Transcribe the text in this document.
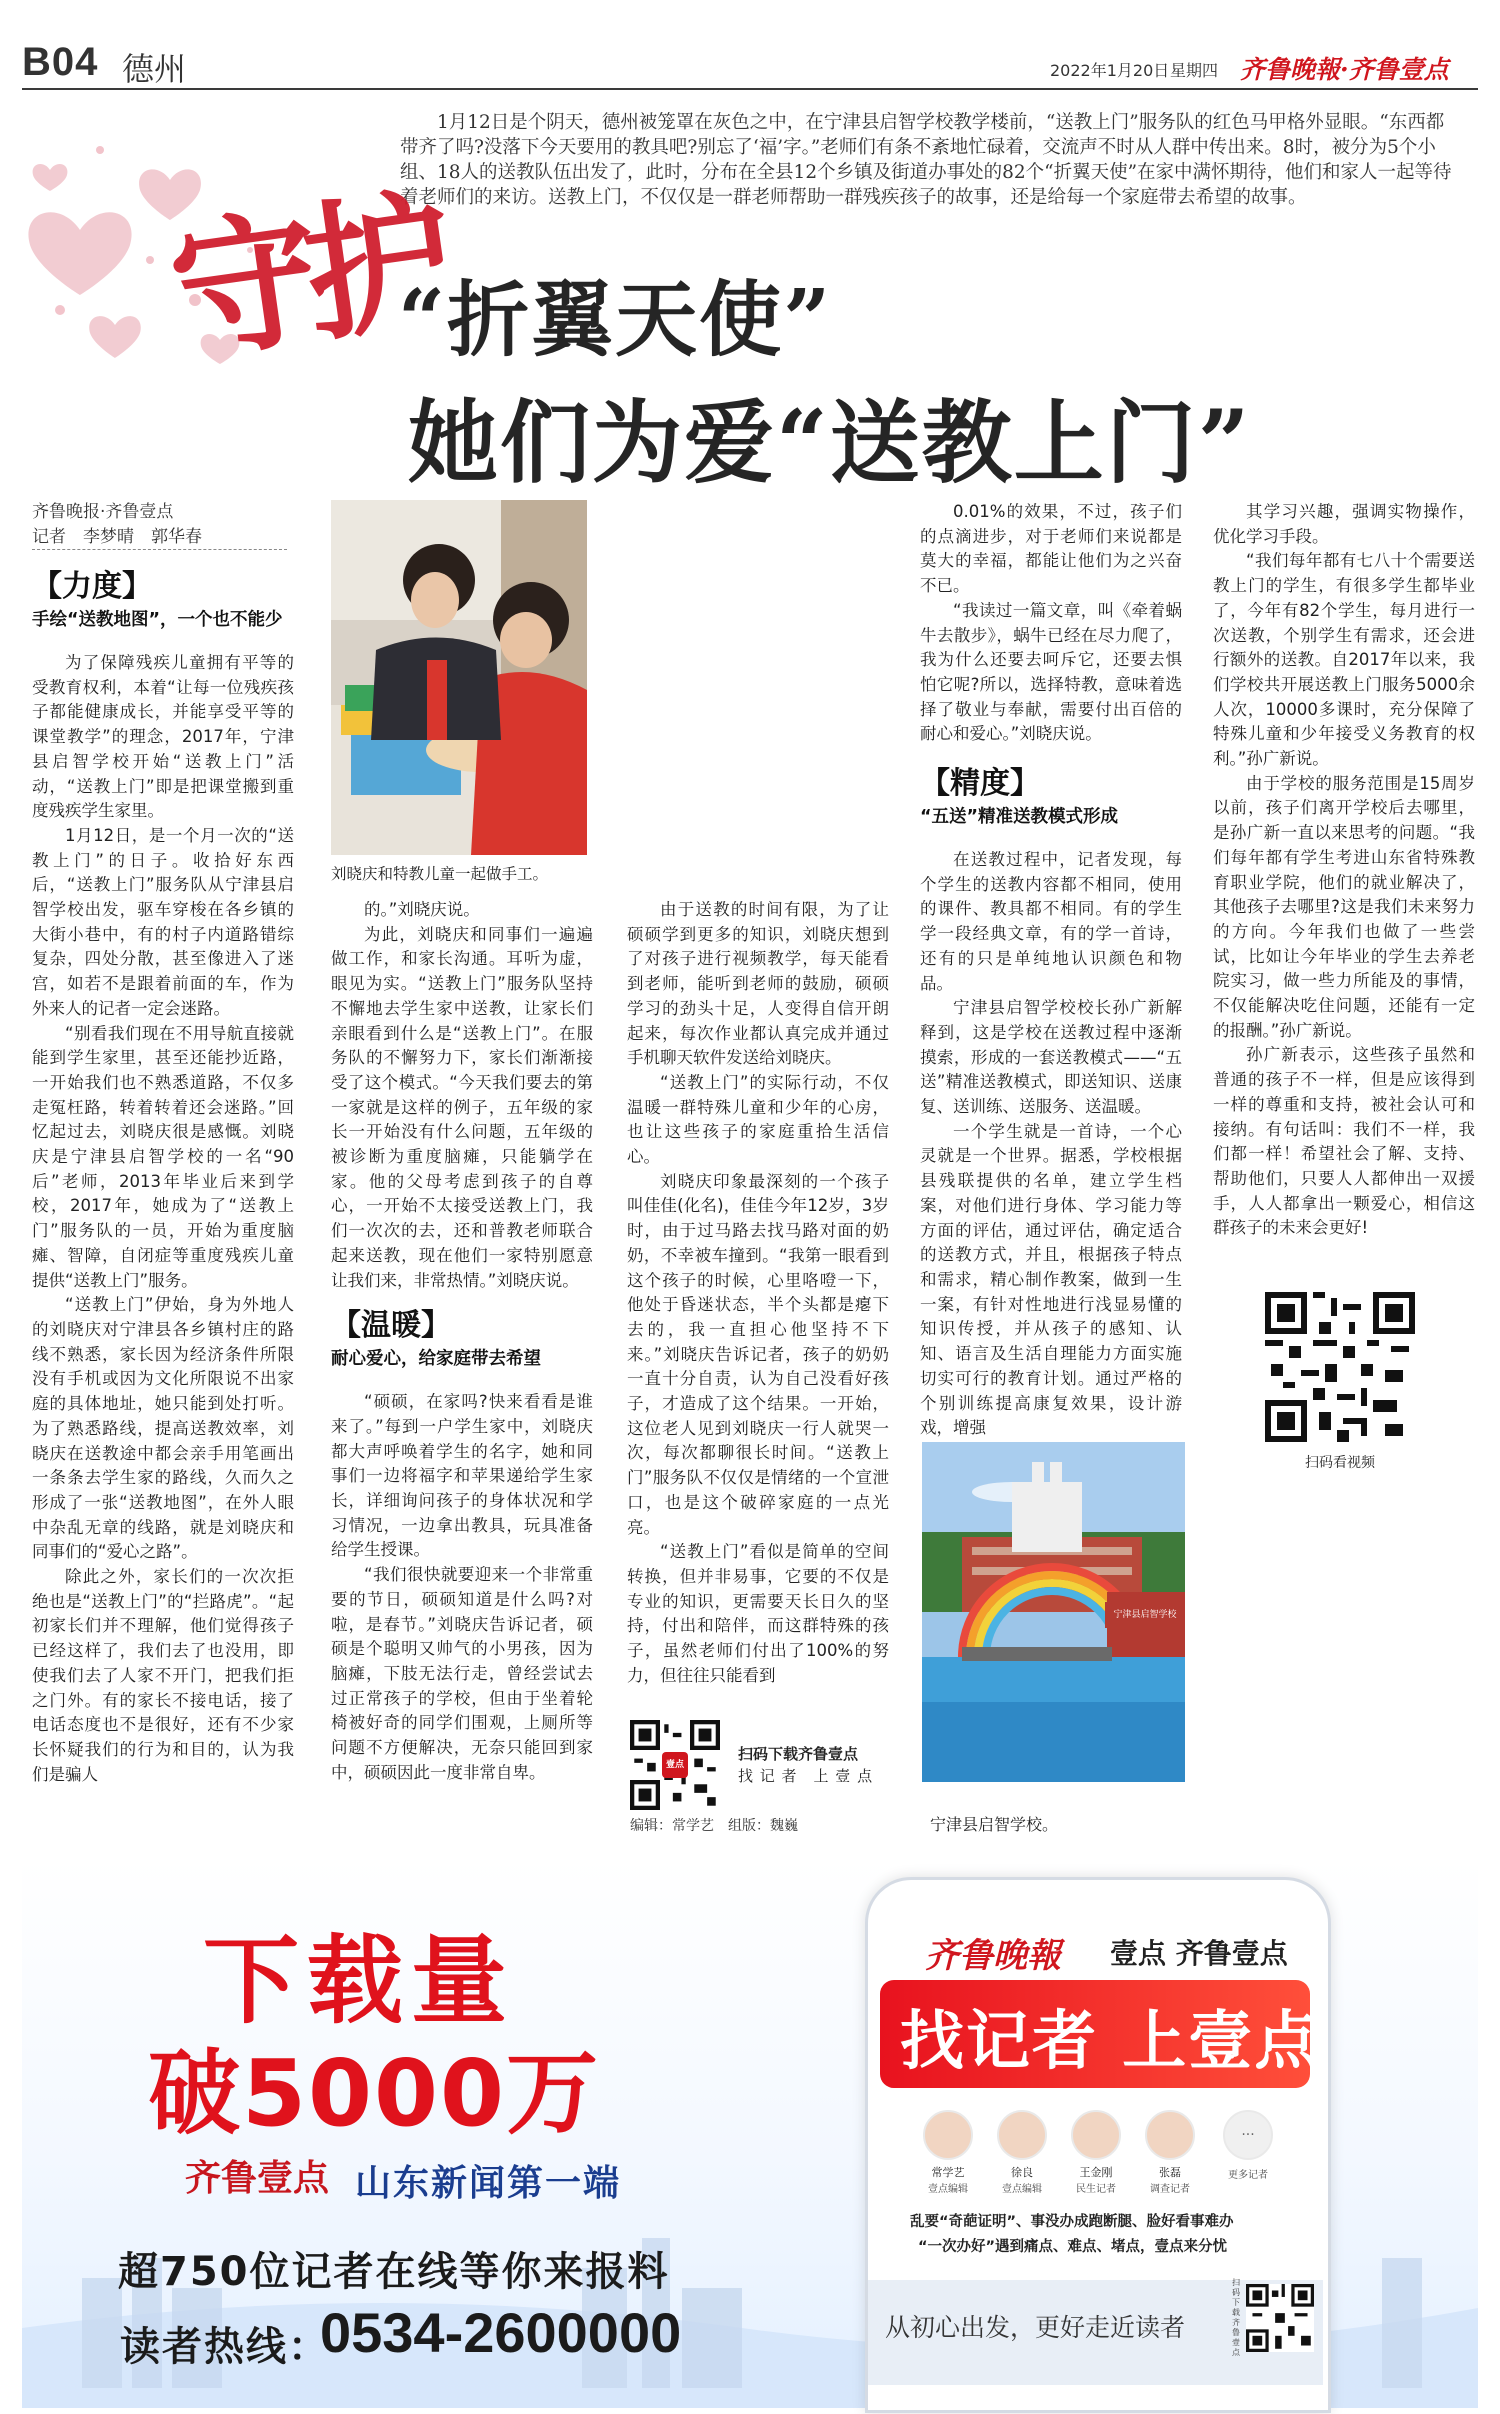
B04 德州	2022年1月20日 星期四 齐鲁晚報·齐鲁壹点

1月12日是个阴天，德州被笼罩在灰色之中，在宁津县启智学校教学楼前，“送教上门”服务队的红色马甲格外显眼。“东西都带齐了吗?没落下今天要用的教具吧?别忘了‘福’字。”老师们有条不紊地忙碌着，交流声不时从人群中传出来。8时，被分为5个小组、18人的送教队伍出发了，此时，分布在全县12个乡镇及街道办事处的82个“折翼天使”在家中满怀期待，他们和家人一起等待着老师们的来访。送教上门，不仅仅是一群老师帮助一群残疾孩子的故事，还是给每一个家庭带去希望的故事。

守护
“折翼天使”
她们为爱“送教上门”
齐鲁晚报·齐鲁壹点
记者　李梦晴　郭华春
【力度】
手绘“送教地图”，一个也不能少

为了保障残疾儿童拥有平等的受教育权利，本着“让每一位残疾孩子都能健康成长，并能享受平等的课堂教学”的理念，2017年，宁津县启智学校开始“送教上门”活动，“送教上门”即是把课堂搬到重度残疾学生家里。

1月12日，是一个月一次的“送教上门”的日子。收拾好东西后，“送教上门”服务队从宁津县启智学校出发，驱车穿梭在各乡镇的大街小巷中，有的村子内道路错综复杂，四处分散，甚至像进入了迷宫，如若不是跟着前面的车，作为外来人的记者一定会迷路。

“别看我们现在不用导航直接就能到学生家里，甚至还能抄近路，一开始我们也不熟悉道路，不仅多走冤枉路，转着转着还会迷路。”回忆起过去，刘晓庆很是感慨。刘晓庆是宁津县启智学校的一名“90后”老师，2013年毕业后来到学校，2017年，她成为了“送教上门”服务队的一员，开始为重度脑瘫、智障，自闭症等重度残疾儿童提供“送教上门”服务。

“送教上门”伊始，身为外地人的刘晓庆对宁津县各乡镇村庄的路线不熟悉，家长因为经济条件所限没有手机或因为文化所限说不出家庭的具体地址，她只能到处打听。为了熟悉路线，提高送教效率，刘晓庆在送教途中都会亲手用笔画出一条条去学生家的路线，久而久之形成了一张“送教地图”，在外人眼中杂乱无章的线路，就是刘晓庆和同事们的“爱心之路”。

除此之外，家长们的一次次拒绝也是“送教上门”的“拦路虎”。“起初家长们并不理解，他们觉得孩子已经这样了，我们去了也没用，即使我们去了人家不开门，把我们拒之门外。有的家长不接电话，接了电话态度也不是很好，还有不少家长怀疑我们的行为和目的，认为我们是骗人

刘晓庆和特教儿童一起做手工。

的。”刘晓庆说。

为此，刘晓庆和同事们一遍遍做工作，和家长沟通。耳听为虚，眼见为实。“送教上门”服务队坚持不懈地去学生家中送教，让家长们亲眼看到什么是“送教上门”。在服务队的不懈努力下，家长们渐渐接受了这个模式。“今天我们要去的第一家就是这样的例子，五年级的家长一开始没有什么问题，五年级的被诊断为重度脑瘫，只能躺学在家。他的父母考虑到孩子的自尊心，一开始不太接受送教上门，我们一次次的去，还和普教老师联合起来送教，现在他们一家特别愿意让我们来，非常热情。”刘晓庆说。

【温暖】
耐心爱心，给家庭带去希望

“硕硕，在家吗?快来看看是谁来了。”每到一户学生家中，刘晓庆都大声呼唤着学生的名字，她和同事们一边将福字和苹果递给学生家长，详细询问孩子的身体状况和学习情况，一边拿出教具，玩具准备给学生授课。

“我们很快就要迎来一个非常重要的节日，硕硕知道是什么吗?对啦，是春节。”刘晓庆告诉记者，硕硕是个聪明又帅气的小男孩，因为脑瘫，下肢无法行走，曾经尝试去过正常孩子的学校，但由于坐着轮椅被好奇的同学们围观，上厕所等问题不方便解决，无奈只能回到家中，硕硕因此一度非常自卑。

由于送教的时间有限，为了让硕硕学到更多的知识，刘晓庆想到了对孩子进行视频教学，每天能看到老师，能听到老师的鼓励，硕硕学习的劲头十足，人变得自信开朗起来，每次作业都认真完成并通过手机聊天软件发送给刘晓庆。

“送教上门”的实际行动，不仅温暖一群特殊儿童和少年的心房，也让这些孩子的家庭重拾生活信心。

刘晓庆印象最深刻的一个孩子叫佳佳(化名)，佳佳今年12岁，3岁时，由于过马路去找马路对面的奶奶，不幸被车撞到。“我第一眼看到这个孩子的时候，心里咯噔一下，他处于昏迷状态，半个头都是瘪下去的，我一直担心他坚持不下来。”刘晓庆告诉记者，孩子的奶奶一直十分自责，认为自己没看好孩子，才造成了这个结果。一开始，这位老人见到刘晓庆一行人就哭一次，每次都聊很长时间。“送教上门”服务队不仅仅是情绪的一个宣泄口，也是这个破碎家庭的一点光亮。

“送教上门”看似是简单的空间转换，但并非易事，它要的不仅是专业的知识，更需要天长日久的坚持，付出和陪伴，而这群特殊的孩子，虽然老师们付出了100%的努力，但往往只能看到

壹点
扫码下载齐鲁壹点
找 记 者　上 壹 点
编辑：常学艺　组版：魏巍

0.01%的效果，不过，孩子们的点滴进步，对于老师们来说都是莫大的幸福，都能让他们为之兴奋不已。

“我读过一篇文章，叫《牵着蜗牛去散步》，蜗牛已经在尽力爬了，我为什么还要去呵斥它，还要去惧怕它呢?所以，选择特教，意味着选择了敬业与奉献，需要付出百倍的耐心和爱心。”刘晓庆说。

【精度】
“五送”精准送教模式形成

在送教过程中，记者发现，每个学生的送教内容都不相同，使用的课件、教具都不相同。有的学生学一段经典文章，有的学一首诗，还有的只是单纯地认识颜色和物品。

宁津县启智学校校长孙广新解释到，这是学校在送教过程中逐渐摸索，形成的一套送教模式——“五送”精准送教模式，即送知识、送康复、送训练、送服务、送温暖。

一个学生就是一首诗，一个心灵就是一个世界。据悉，学校根据县残联提供的名单，建立学生档案，对他们进行身体、学习能力等方面的评估，通过评估，确定适合的送教方式，并且，根据孩子特点和需求，精心制作教案，做到一生一案，有针对性地进行浅显易懂的知识传授，并从孩子的感知、认知、语言及生活自理能力方面实施切实可行的教育计划。通过严格的个别训练提高康复效果，设计游戏，增强

其学习兴趣，强调实物操作，优化学习手段。

“我们每年都有七八十个需要送教上门的学生，有很多学生都毕业了，今年有82个学生，每月进行一次送教，个别学生有需求，还会进行额外的送教。自2017年以来，我们学校共开展送教上门服务5000余人次，10000多课时，充分保障了特殊儿童和少年接受义务教育的权利。”孙广新说。

由于学校的服务范围是15周岁以前，孩子们离开学校后去哪里，是孙广新一直以来思考的问题。“我们每年都有学生考进山东省特殊教育职业学院，他们的就业解决了，其他孩子去哪里?这是我们未来努力的方向。今年我们也做了一些尝试，比如让今年毕业的学生去养老院实习，做一些力所能及的事情，不仅能解决吃住问题，还能有一定的报酬。”孙广新说。

孙广新表示，这些孩子虽然和普通的孩子不一样，但是应该得到一样的尊重和支持，被社会认可和接纳。有句话叫：我们不一样，我们都一样！希望社会了解、支持、帮助他们，只要人人都伸出一双援手，人人都拿出一颗爱心，相信这群孩子的未来会更好!

扫码看视频
宁津县启智学校
宁津县启智学校。
下载量
破5000万
齐鲁壹点 山东新闻第一端
超750位记者在线等你来报料
读者热线：
0534-2600000
齐鲁晚報 壹点 齐鲁壹点
找记者 上壹点
常学艺
壹点编辑
徐良
壹点编辑
王金刚
民生记者
张磊
调查记者
···
更多记者
乱要“奇葩证明”、事没办成跑断腿、脸好看事难办
“一次办好”遇到痛点、难点、堵点，壹点来分忧
从初心出发，更好走近读者
扫码下载齐鲁壹点
